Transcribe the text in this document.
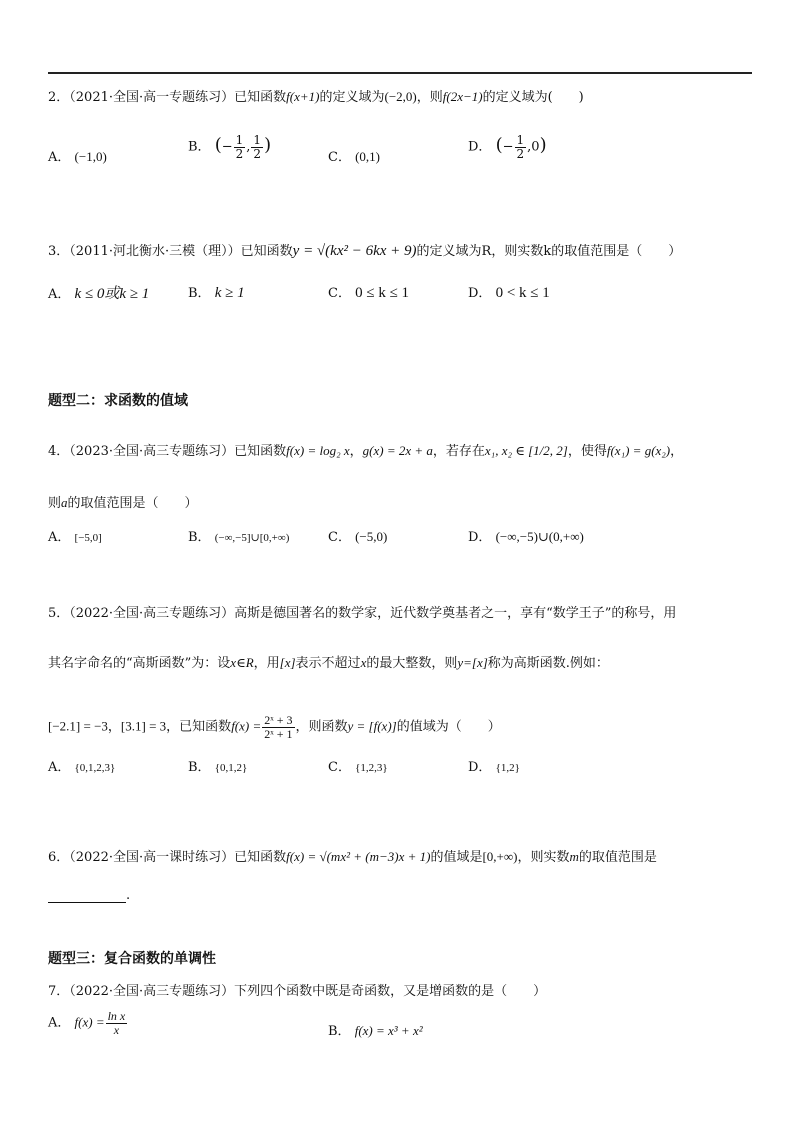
2．（2021·全国·高一专题练习）已知函数f(x+1)的定义域为(−2,0)，则f(2x−1)的定义域为(　　)
A． (−1,0)
B． (− $\frac{1}{2}$ , $\frac{1}{2}$ )
C． (0,1)
D． (− $\frac{1}{2} ,0$)
3．（2011·河北衡水·三模（理））已知函数y = √(kx² − 6kx + 9)的定义域为R，则实数k的取值范围是（　　）
A． k ≤ 0或k ≥ 1	B． k ≥ 1	C． 0 ≤ k ≤ 1	D． 0 < k ≤ 1
题型二：求函数的值域
4．（2023·全国·高三专题练习）已知函数f(x) = log₂ x，g(x) = 2x + a，若存在x₁, x₂ ∈ [1/2, 2]，使得f(x₁) = g(x₂)，
则a的取值范围是（　　）
A． [−5,0]	B． (−∞,−5]∪[0,+∞)	C． (−5,0)	D． (−∞,−5)∪(0,+∞)
5．（2022·全国·高三专题练习）高斯是德国著名的数学家，近代数学奠基者之一，享有“数学王子”的称号，用
其名字命名的“高斯函数”为：设x∈R，用[x]表示不超过x的最大整数，则y=[x]称为高斯函数.例如：
[−2.1] = −3，[3.1] = 3，已知函数$f(x) = \frac{\text{2ˣ + 3}}{\text{2ˣ + 1}}$ ，则函数y = [f(x)]的值域为（　　）
A． {0,1,2,3}	B． {0,1,2}	C． {1,2,3}	D． {1,2}
6．（2022·全国·高一课时练习）已知函数f(x) = √(mx² + (m−3)x + 1)的值域是[0,+∞)，则实数m的取值范围是
.
题型三：复合函数的单调性
7．（2022·全国·高三专题练习）下列四个函数中既是奇函数，又是增函数的是（　　）
A． $f(x) = \frac{\text{ln x}}{x}$	B． f(x) = x³ + x²
